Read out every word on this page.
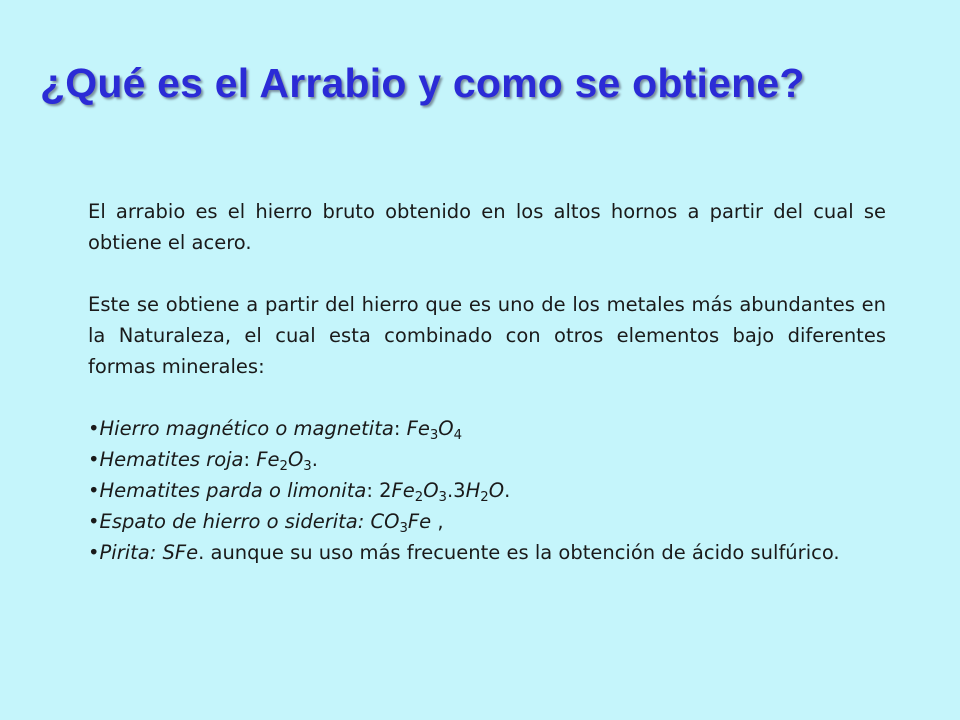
¿Qué es el Arrabio y como se obtiene?

El arrabio es el hierro bruto obtenido en los altos hornos a partir del cual se obtiene el acero.

Este se obtiene a partir del hierro que es uno de los metales más abundantes en la Naturaleza, el cual esta combinado con otros elementos bajo diferentes formas minerales:

•Hierro magnético o magnetita: $Fe_3O_4$
•Hematites roja: $Fe_2O_3$.
•Hematites parda o limonita: $2Fe_2O_3.3H_2O$.
•Espato de hierro o siderita: $CO_3Fe$ ,
•Pirita: SFe. aunque su uso más frecuente es la obtención de ácido sulfúrico.
